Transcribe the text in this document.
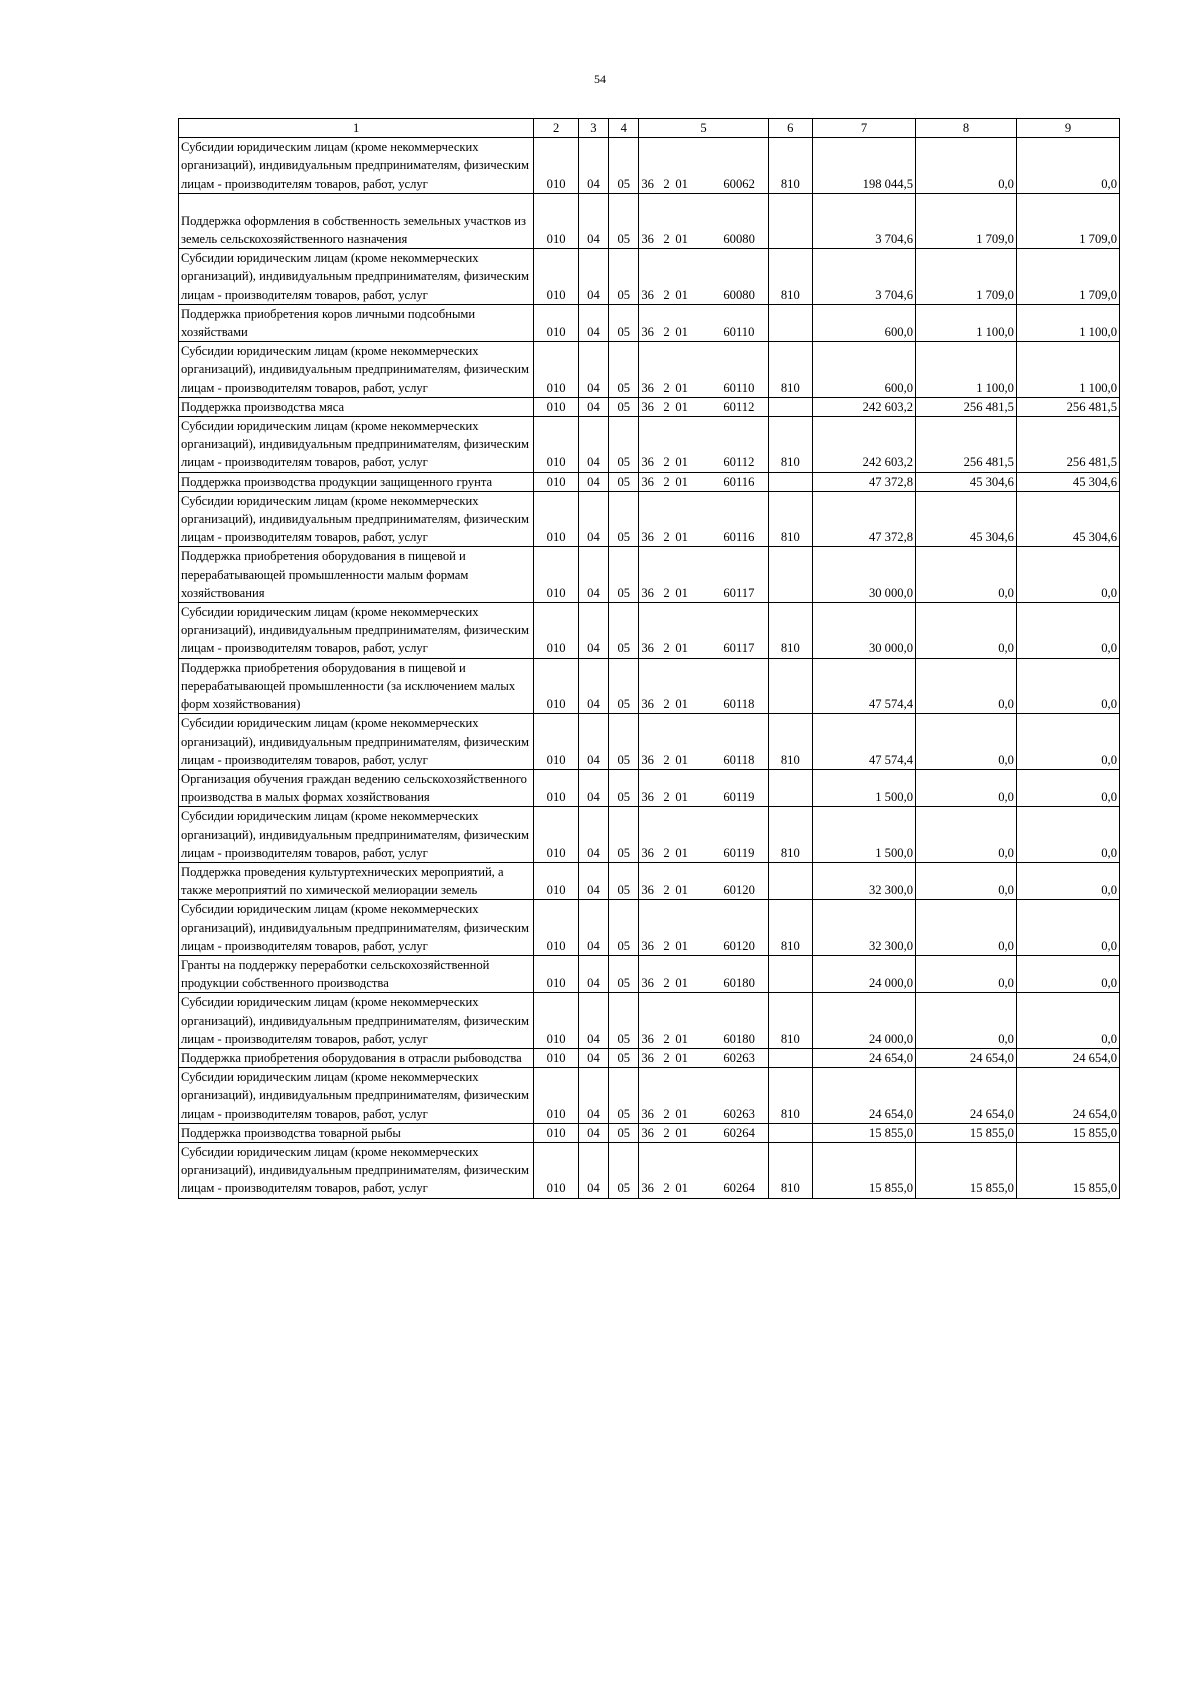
54
1	2	3	4	5	6	7	8	9
Субсидии юридическим лицам (кроме некоммерческих организаций), индивидуальным предпринимателям, физическим лицам - производителям товаров, работ, услуг	010	04	05	36 2 01 60062	810	198 044,5	0,0	0,0

Поддержка оформления в собственность земельных участков из земель сельскохозяйственного назначения	010	04	05	36 2 01 60080		3 704,6	1 709,0	1 709,0
Субсидии юридическим лицам (кроме некоммерческих организаций), индивидуальным предпринимателям, физическим лицам - производителям товаров, работ, услуг	010	04	05	36 2 01 60080	810	3 704,6	1 709,0	1 709,0
Поддержка приобретения коров личными подсобными хозяйствами	010	04	05	36 2 01 60110		600,0	1 100,0	1 100,0
Субсидии юридическим лицам (кроме некоммерческих организаций), индивидуальным предпринимателям, физическим лицам - производителям товаров, работ, услуг	010	04	05	36 2 01 60110	810	600,0	1 100,0	1 100,0
Поддержка производства мяса	010	04	05	36 2 01 60112		242 603,2	256 481,5	256 481,5
Субсидии юридическим лицам (кроме некоммерческих организаций), индивидуальным предпринимателям, физическим лицам - производителям товаров, работ, услуг	010	04	05	36 2 01 60112	810	242 603,2	256 481,5	256 481,5
Поддержка производства продукции защищенного грунта	010	04	05	36 2 01 60116		47 372,8	45 304,6	45 304,6
Субсидии юридическим лицам (кроме некоммерческих организаций), индивидуальным предпринимателям, физическим лицам - производителям товаров, работ, услуг	010	04	05	36 2 01 60116	810	47 372,8	45 304,6	45 304,6
Поддержка приобретения оборудования в пищевой и перерабатывающей промышленности малым формам хозяйствования	010	04	05	36 2 01 60117		30 000,0	0,0	0,0
Субсидии юридическим лицам (кроме некоммерческих организаций), индивидуальным предпринимателям, физическим лицам - производителям товаров, работ, услуг	010	04	05	36 2 01 60117	810	30 000,0	0,0	0,0
Поддержка приобретения оборудования в пищевой и перерабатывающей промышленности (за исключением малых форм хозяйствования)	010	04	05	36 2 01 60118		47 574,4	0,0	0,0
Субсидии юридическим лицам (кроме некоммерческих организаций), индивидуальным предпринимателям, физическим лицам - производителям товаров, работ, услуг	010	04	05	36 2 01 60118	810	47 574,4	0,0	0,0
Организация обучения граждан ведению сельскохозяйственного производства в малых формах хозяйствования	010	04	05	36 2 01 60119		1 500,0	0,0	0,0
Субсидии юридическим лицам (кроме некоммерческих организаций), индивидуальным предпринимателям, физическим лицам - производителям товаров, работ, услуг	010	04	05	36 2 01 60119	810	1 500,0	0,0	0,0
Поддержка проведения культуртехнических мероприятий, а также мероприятий по химической мелиорации земель	010	04	05	36 2 01 60120		32 300,0	0,0	0,0
Субсидии юридическим лицам (кроме некоммерческих организаций), индивидуальным предпринимателям, физическим лицам - производителям товаров, работ, услуг	010	04	05	36 2 01 60120	810	32 300,0	0,0	0,0
Гранты на поддержку переработки сельскохозяйственной продукции собственного производства	010	04	05	36 2 01 60180		24 000,0	0,0	0,0
Субсидии юридическим лицам (кроме некоммерческих организаций), индивидуальным предпринимателям, физическим лицам - производителям товаров, работ, услуг	010	04	05	36 2 01 60180	810	24 000,0	0,0	0,0
Поддержка приобретения оборудования в отрасли рыбоводства	010	04	05	36 2 01 60263		24 654,0	24 654,0	24 654,0
Субсидии юридическим лицам (кроме некоммерческих организаций), индивидуальным предпринимателям, физическим лицам - производителям товаров, работ, услуг	010	04	05	36 2 01 60263	810	24 654,0	24 654,0	24 654,0
Поддержка производства товарной рыбы	010	04	05	36 2 01 60264		15 855,0	15 855,0	15 855,0
Субсидии юридическим лицам (кроме некоммерческих организаций), индивидуальным предпринимателям, физическим лицам - производителям товаров, работ, услуг	010	04	05	36 2 01 60264	810	15 855,0	15 855,0	15 855,0
